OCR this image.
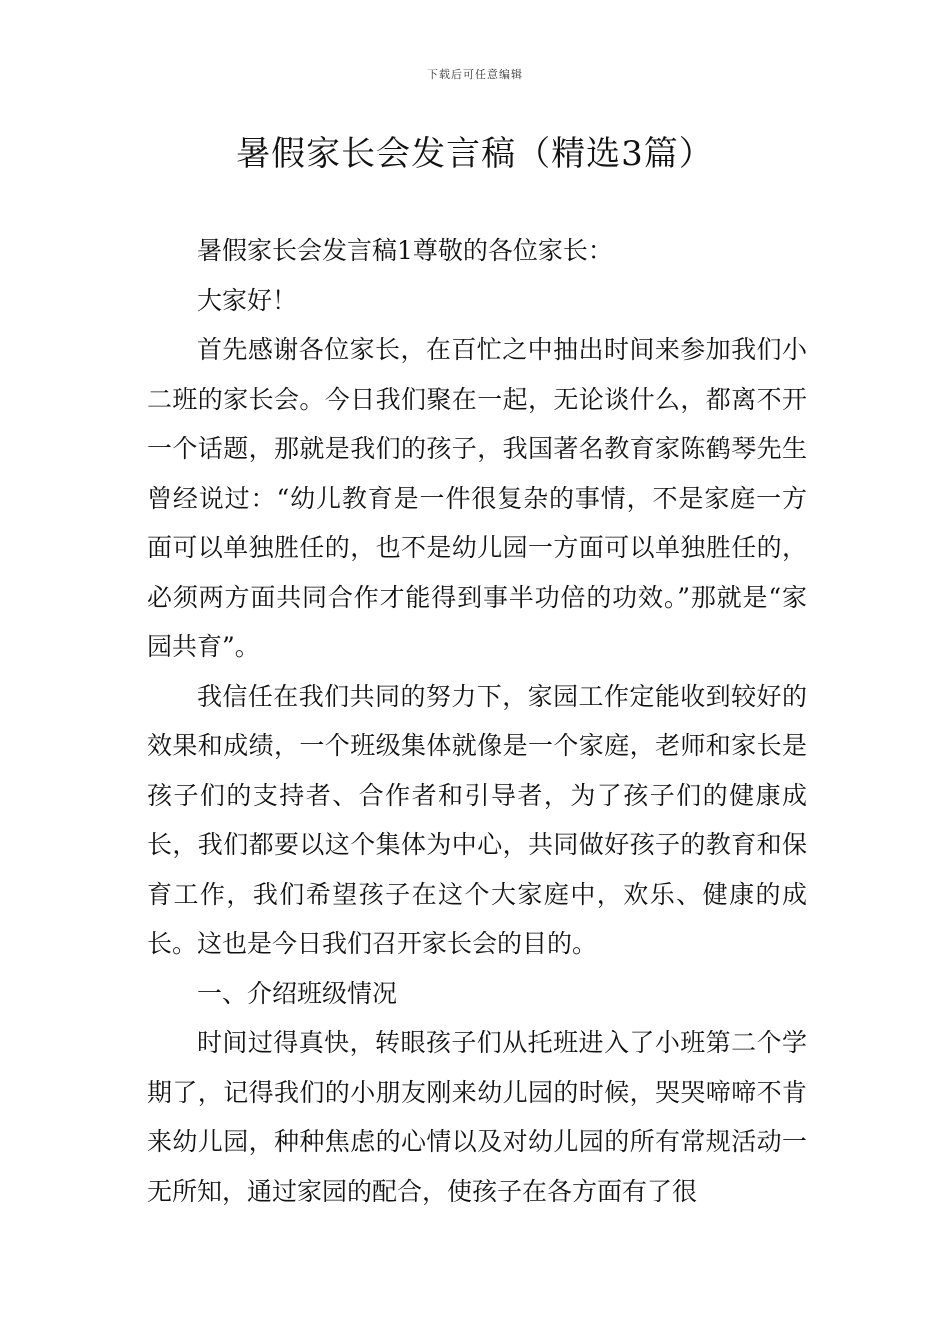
下载后可任意编辑
暑假家长会发言稿（精选3篇）

暑假家长会发言稿1尊敬的各位家长：

大家好！

首先感谢各位家长，在百忙之中抽出时间来参加我们小二班的家长会。今日我们聚在一起，无论谈什么，都离不开一个话题，那就是我们的孩子，我国著名教育家陈鹤琴先生曾经说过：“幼儿教育是一件很复杂的事情，不是家庭一方面可以单独胜任的，也不是幼儿园一方面可以单独胜任的，必须两方面共同合作才能得到事半功倍的功效。”那就是“家园共育”。

我信任在我们共同的努力下，家园工作定能收到较好的效果和成绩，一个班级集体就像是一个家庭，老师和家长是孩子们的支持者、合作者和引导者，为了孩子们的健康成长，我们都要以这个集体为中心，共同做好孩子的教育和保育工作，我们希望孩子在这个大家庭中，欢乐、健康的成长。这也是今日我们召开家长会的目的。

一、介绍班级情况

时间过得真快，转眼孩子们从托班进入了小班第二个学期了，记得我们的小朋友刚来幼儿园的时候，哭哭啼啼不肯来幼儿园，种种焦虑的心情以及对幼儿园的所有常规活动一无所知，通过家园的配合，使孩子在各方面有了很
